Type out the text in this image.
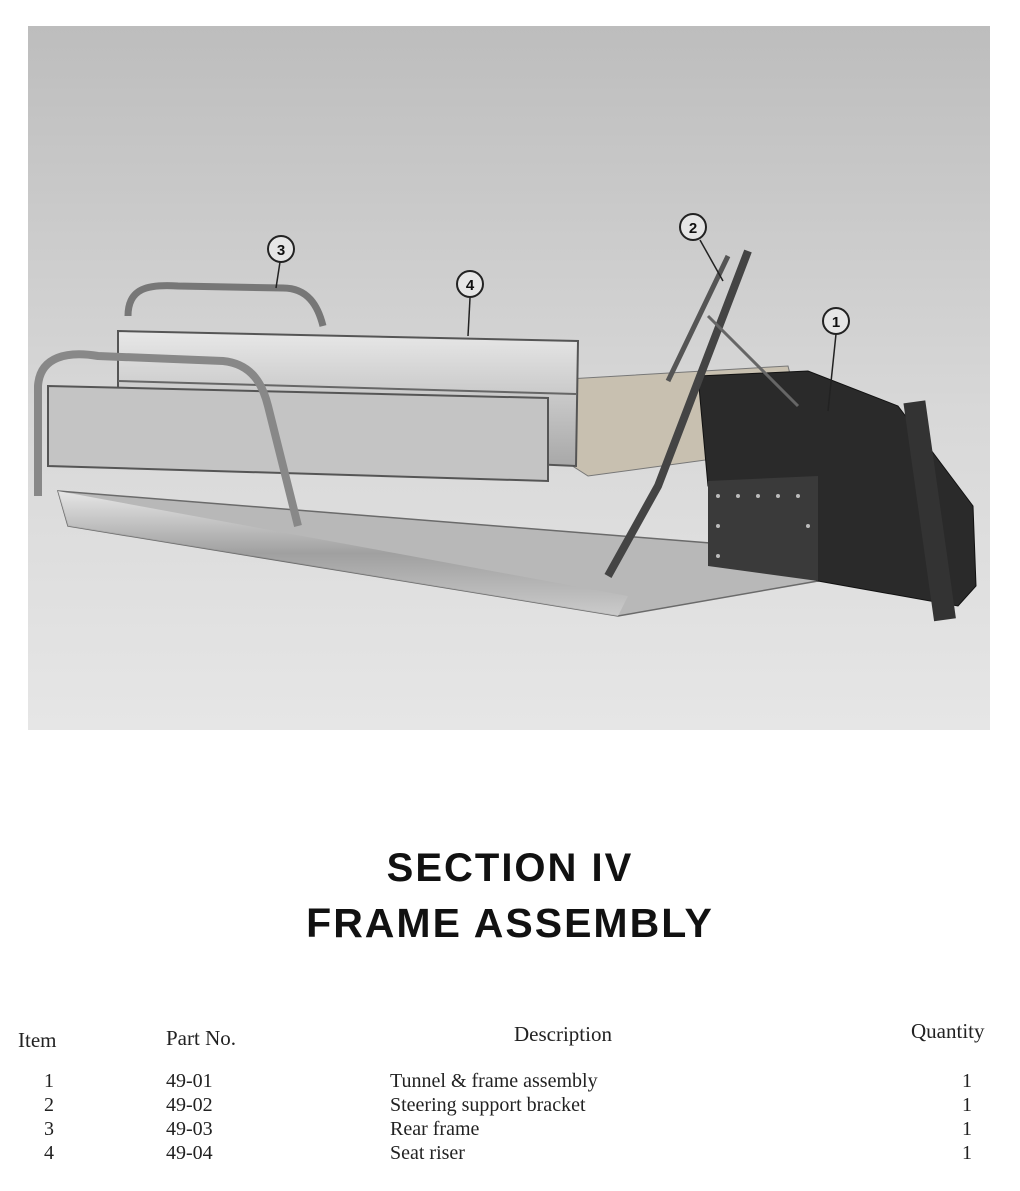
1
2
3
4
SECTION IV
FRAME ASSEMBLY
Item	Part No.	Description	Quantity
1	49-01	Tunnel & frame assembly	1
2	49-02	Steering support bracket	1
3	49-03	Rear frame	1
4	49-04	Seat riser	1
